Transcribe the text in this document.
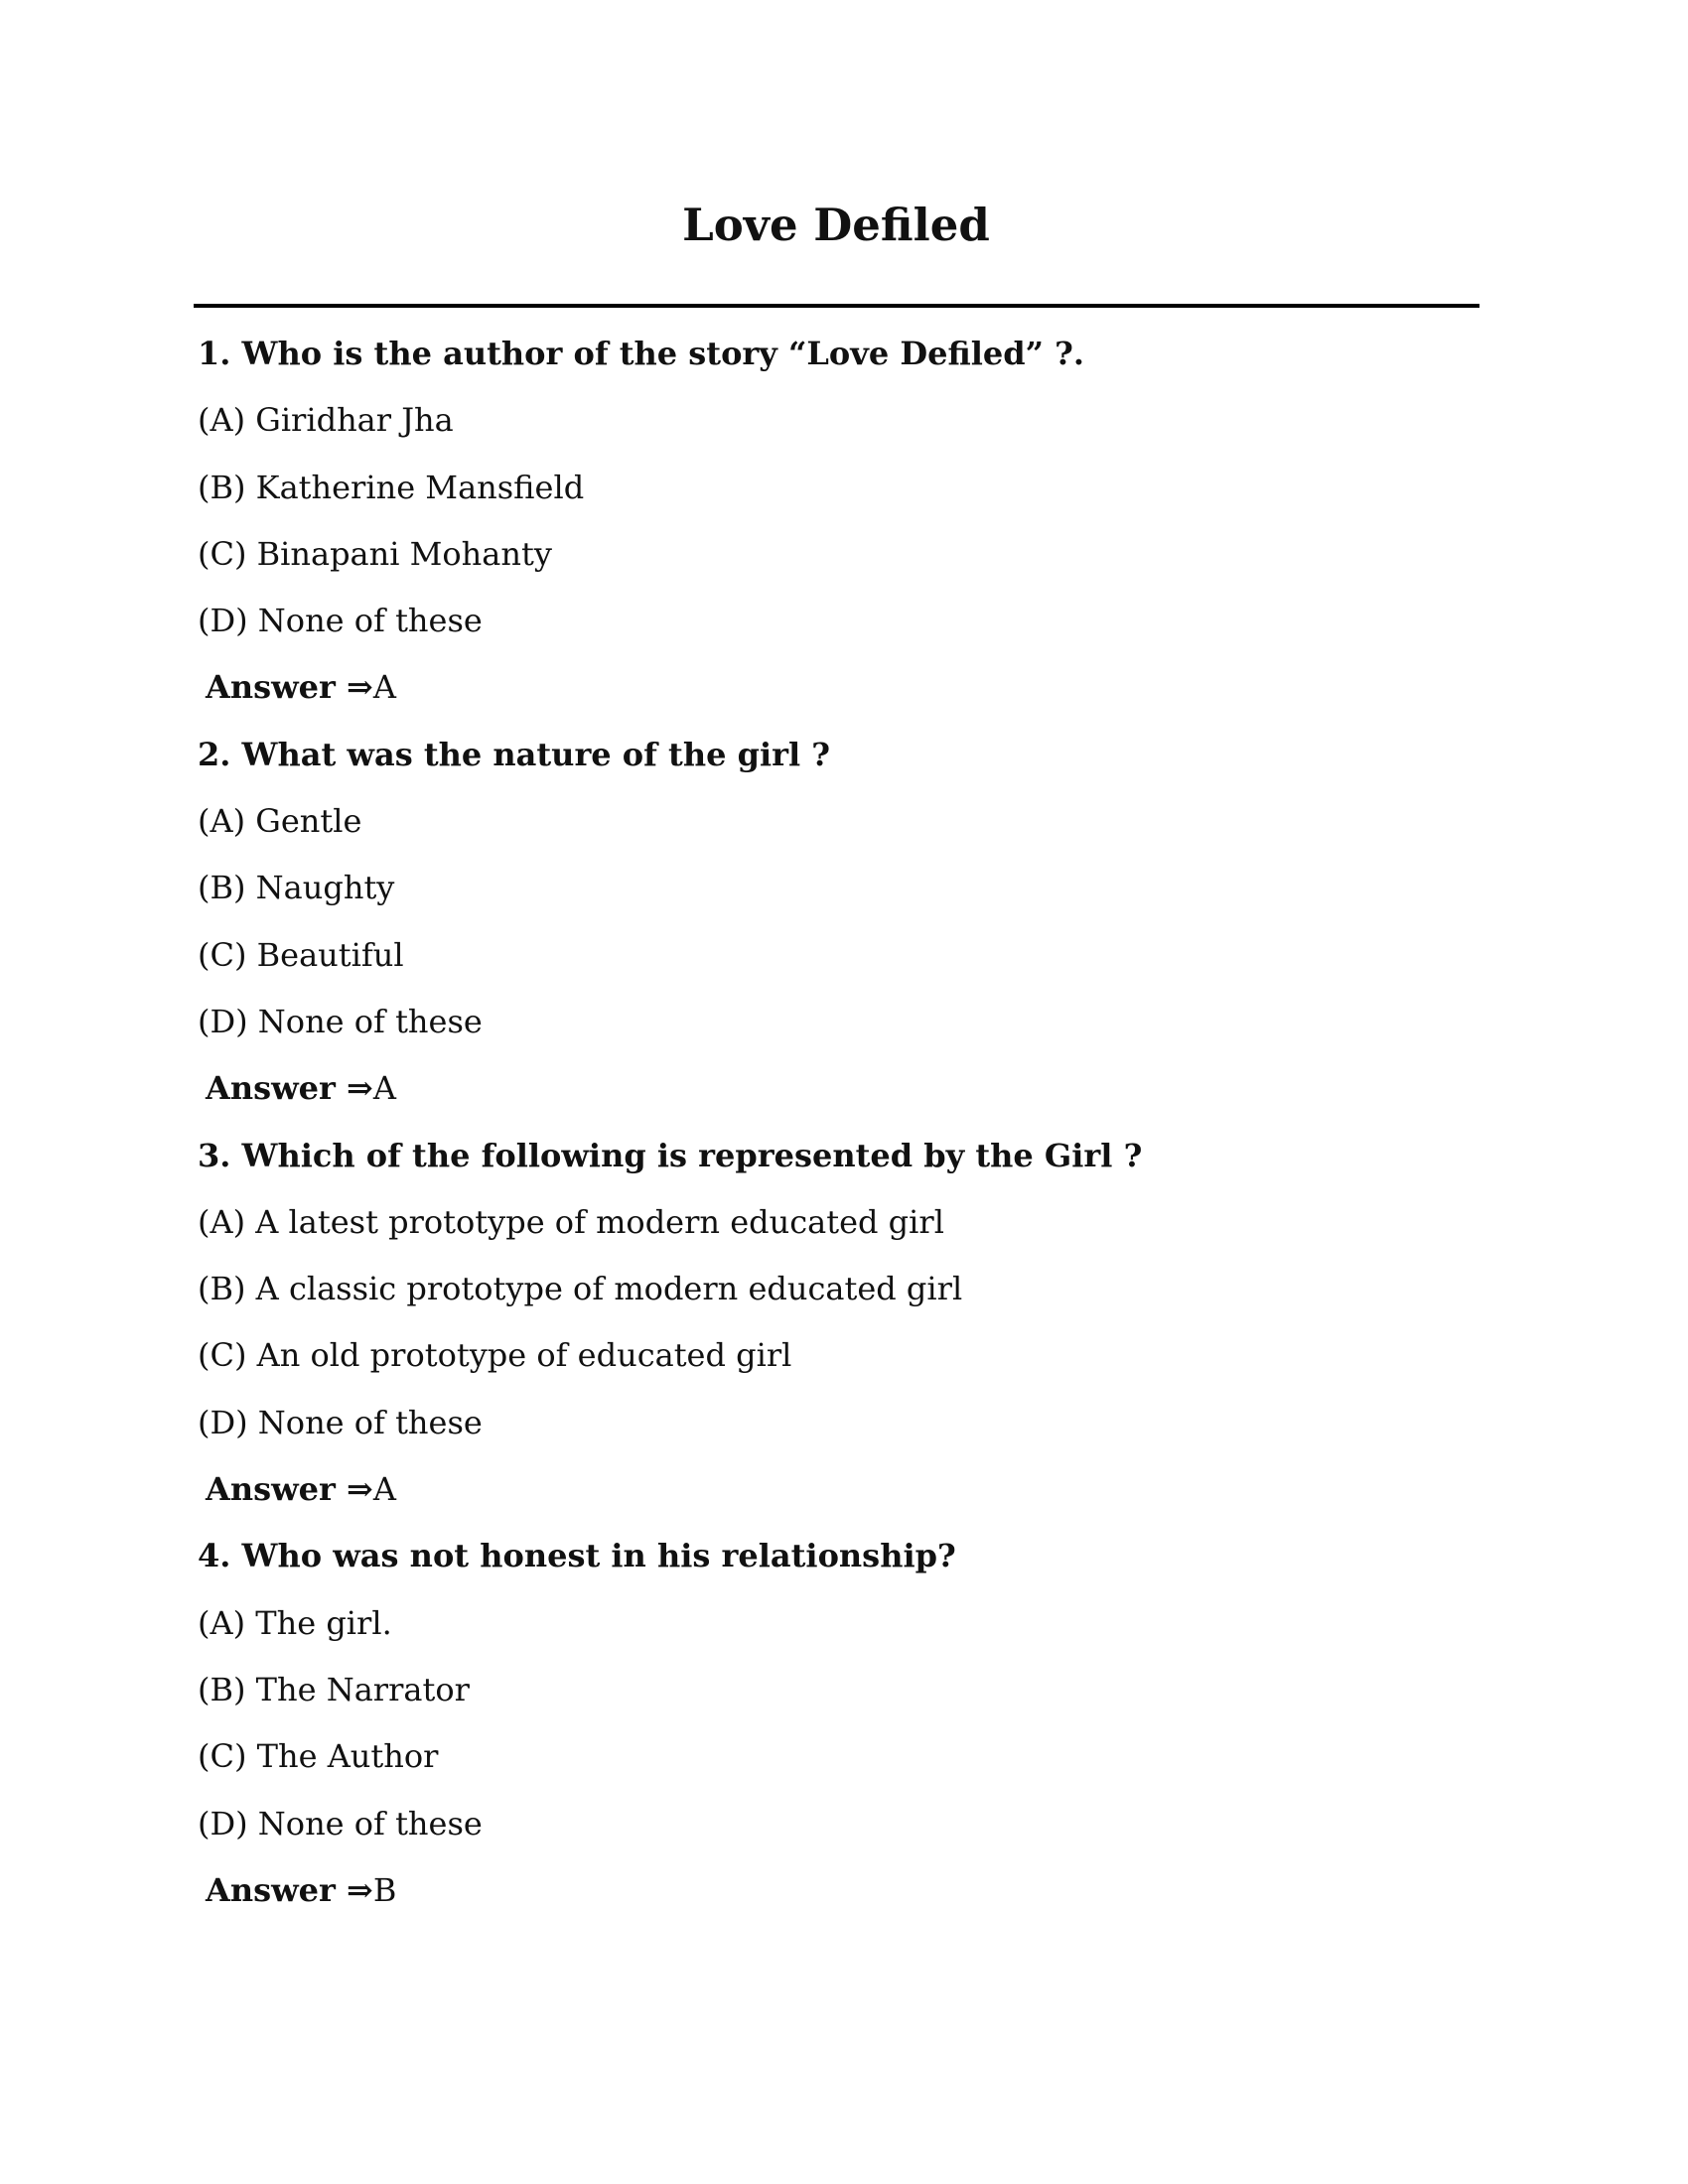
Love Defiled
1. Who is the author of the story “Love Defiled” ?.
(A) Giridhar Jha
(B) Katherine Mansfield
(C) Binapani Mohanty
(D) None of these
Answer ⇒A
2. What was the nature of the girl ?
(A) Gentle
(B) Naughty
(C) Beautiful
(D) None of these
Answer ⇒A
3. Which of the following is represented by the Girl ?
(A) A latest prototype of modern educated girl
(B) A classic prototype of modern educated girl
(C) An old prototype of educated girl
(D) None of these
Answer ⇒A
4. Who was not honest in his relationship?
(A) The girl.
(B) The Narrator
(C) The Author
(D) None of these
Answer ⇒B
